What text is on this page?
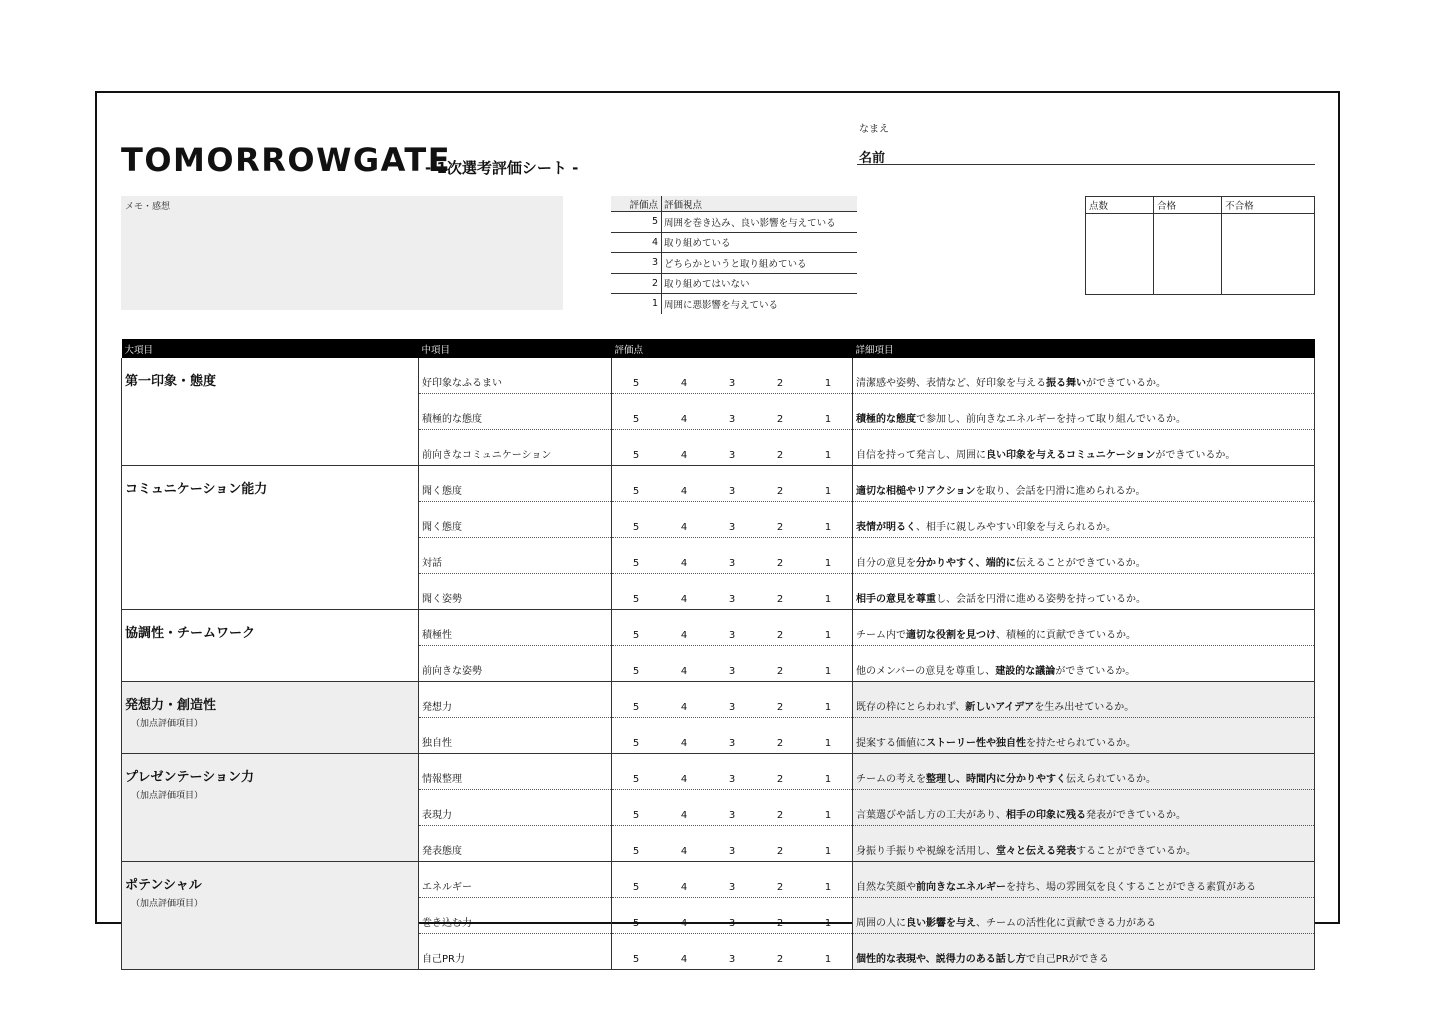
TOMORROWGATE
- 1次選考評価シート -
なまえ
名前
メモ・感想	評価点	評価視点
5	周囲を巻き込み、良い影響を与えている
4	取り組めている
3	どちらかというと取り組めている
2	取り組めてはいない
1	周囲に悪影響を与えている
点数	合格	不合格

大項目	中項目	評価点	詳細項目

第一印象・態度	好印象なふるまい	5 4 3 2 1	清潔感や姿勢、表情など、好印象を与える振る舞いができているか。
	積極的な態度	5 4 3 2 1	積極的な態度で参加し、前向きなエネルギーを持って取り組んでいるか。
	前向きなコミュニケーション	5 4 3 2 1	自信を持って発言し、周囲に良い印象を与えるコミュニケーションができているか。

コミュニケーション能力	聞く態度	5 4 3 2 1	適切な相槌やリアクションを取り、会話を円滑に進められるか。
	聞く態度	5 4 3 2 1	表情が明るく、相手に親しみやすい印象を与えられるか。
	対話	5 4 3 2 1	自分の意見を分かりやすく、端的に伝えることができているか。
	聞く姿勢	5 4 3 2 1	相手の意見を尊重し、会話を円滑に進める姿勢を持っているか。

協調性・チームワーク	積極性	5 4 3 2 1	チーム内で適切な役割を見つけ、積極的に貢献できているか。
	前向きな姿勢	5 4 3 2 1	他のメンバーの意見を尊重し、建設的な議論ができているか。

発想力・創造性
（加点評価項目）	発想力	5 4 3 2 1	既存の枠にとらわれず、新しいアイデアを生み出せているか。
	独自性	5 4 3 2 1	提案する価値にストーリー性や独自性を持たせられているか。

プレゼンテーション力
（加点評価項目）	情報整理	5 4 3 2 1	チームの考えを整理し、時間内に分かりやすく伝えられているか。
	表現力	5 4 3 2 1	言葉選びや話し方の工夫があり、相手の印象に残る発表ができているか。
	発表態度	5 4 3 2 1	身振り手振りや視線を活用し、堂々と伝える発表することができているか。

ポテンシャル
（加点評価項目）	エネルギー	5 4 3 2 1	自然な笑顔や前向きなエネルギーを持ち、場の雰囲気を良くすることができる素質がある
	巻き込む力	5 4 3 2 1	周囲の人に良い影響を与え、チームの活性化に貢献できる力がある
	自己PR力	5 4 3 2 1	個性的な表現や、説得力のある話し方で自己PRができる
